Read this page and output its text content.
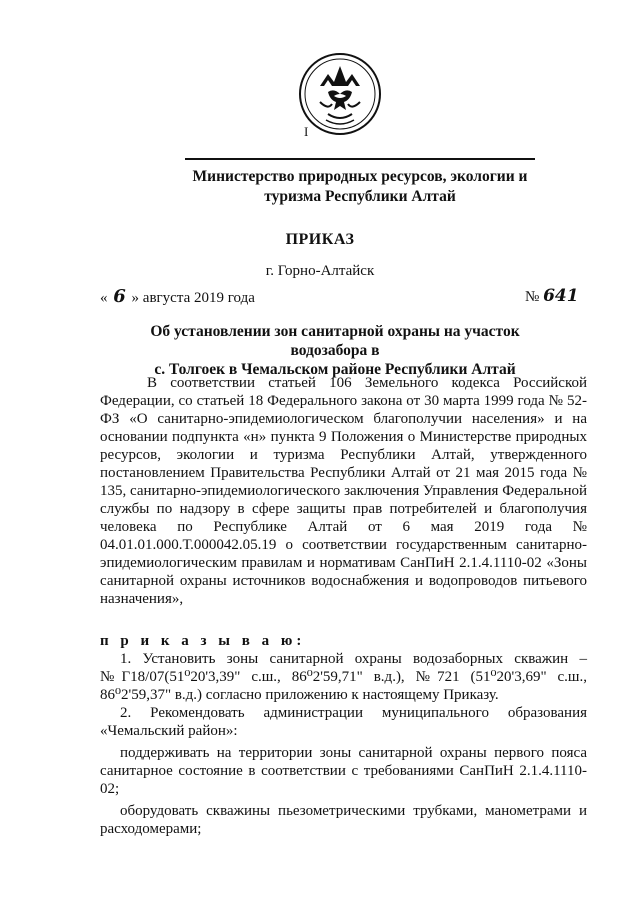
I
Министерство природных ресурсов, экологии и
туризма Республики Алтай
ПРИКАЗ
г. Горно-Алтайск
« 6 » августа 2019 года	№ 641
Об установлении зон санитарной охраны на участок водозабора в
с. Толгоек в Чемальском районе Республики Алтай

В соответствии статьей 106 Земельного кодекса Российской Федерации, со статьей 18 Федерального закона от 30 марта 1999 года № 52-ФЗ «О санитарно-эпидемиологическом благополучии населения» и на основании подпункта «н» пункта 9 Положения о Министерстве природных ресурсов, экологии и туризма Республики Алтай, утвержденного постановлением Правительства Республики Алтай от 21 мая 2015 года № 135, санитарно-эпидемиологического заключения Управления Федеральной службы по надзору в сфере защиты прав потребителей и благополучия человека по Республике Алтай от 6 мая 2019 года № 04.01.01.000.Т.000042.05.19 о соответствии государственным санитарно-эпидемиологическим правилам и нормативам СанПиН 2.1.4.1110-02 «Зоны санитарной охраны источников водоснабжения и водопроводов питьевого назначения»,

п р и к а з ы в а ю:

1. Установить зоны санитарной охраны водозаборных скважин – №Г18/07(51⁰20'3,39" с.ш., 86⁰2'59,71" в.д.), №721 (51⁰20'3,69" с.ш., 86⁰2'59,37" в.д.) согласно приложению к настоящему Приказу.

2. Рекомендовать администрации муниципального образования «Чемальский район»:

поддерживать на территории зоны санитарной охраны первого пояса санитарное состояние в соответствии с требованиями СанПиН 2.1.4.1110-02;

оборудовать скважины пьезометрическими трубками, манометрами и расходомерами;
